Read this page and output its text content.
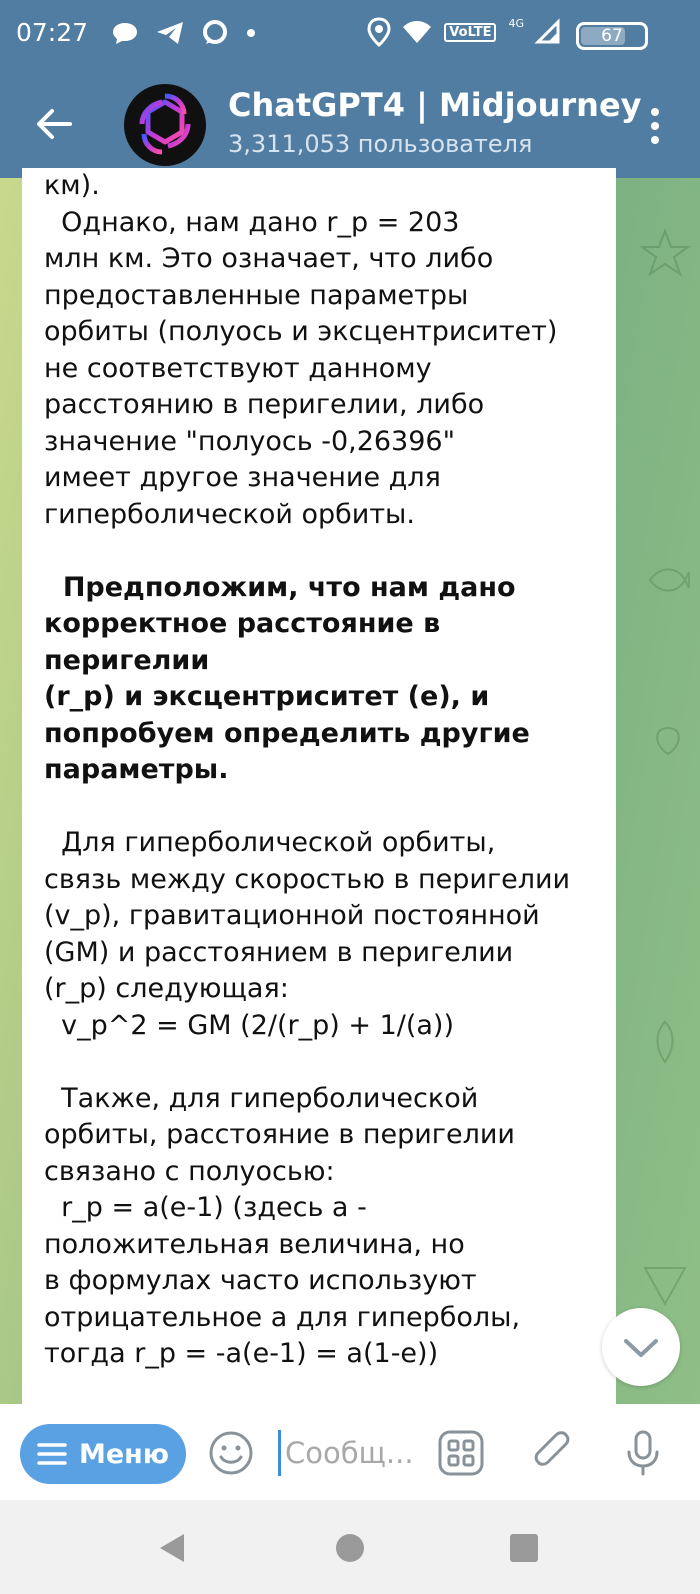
07:27	VoLTE
4G
67
ChatGPT4 | Midjourney
3,311,053 пользователя

км).

Однако, нам дано r_p = 203

млн км. Это означает, что либо

предоставленные параметры

орбиты (полуось и эксцентриситет)

не соответствуют данному

расстоянию в перигелии, либо

значение "полуось -0,26396"

имеет другое значение для

гиперболической орбиты.

Предположим, что нам дано

корректное расстояние в перигелии

(r_p) и эксцентриситет (e), и

попробуем определить другие

параметры.

Для гиперболической орбиты,

связь между скоростью в перигелии

(v_p), гравитационной постоянной

(GM) и расстоянием в перигелии

(r_p) следующая:

v_p^2 = GM (2/(r_p) + 1/(a))

Также, для гиперболической

орбиты, расстояние в перигелии

связано с полуосью:

r_p = a(e-1) (здесь a -

положительная величина, но

в формулах часто используют

отрицательное a для гиперболы,

тогда r_p = -a(e-1) = a(1-e))

Меню
Сообщ...
